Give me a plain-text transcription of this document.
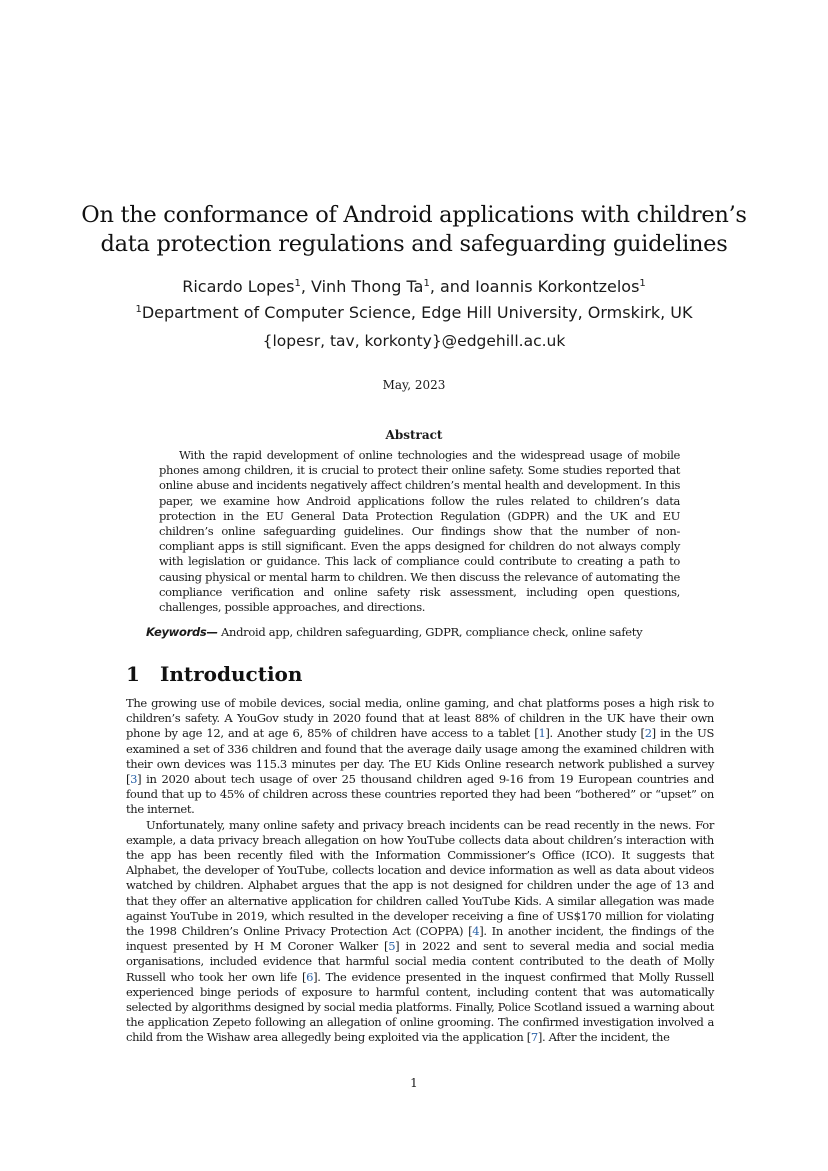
On the conformance of Android applications with children’s
data protection regulations and safeguarding guidelines
Ricardo Lopes$^1$, Vinh Thong Ta$^1$, and Ioannis Korkontzelos$^1$
$^1$Department of Computer Science, Edge Hill University, Ormskirk, UK
{lopesr, tav, korkonty}@edgehill.ac.uk
May, 2023
Abstract

With the rapid development of online technologies and the widespread usage of mobile phones among children, it is crucial to protect their online safety. Some studies reported that online abuse and incidents negatively affect children’s mental health and development. In this paper, we examine how Android applications follow the rules related to children’s data protection in the EU General Data Protection Regulation (GDPR) and the UK and EU children’s online safeguarding guidelines. Our findings show that the number of non-compliant apps is still significant. Even the apps designed for children do not always comply with legislation or guidance. This lack of compliance could contribute to creating a path to causing physical or mental harm to children. We then discuss the relevance of automating the compliance verification and online safety risk assessment, including open questions, challenges, possible approaches, and directions.

Keywords— Android app, children safeguarding, GDPR, compliance check, online safety
1 Introduction

The growing use of mobile devices, social media, online gaming, and chat platforms poses a high risk to children’s safety. A YouGov study in 2020 found that at least 88% of children in the UK have their own phone by age 12, and at age 6, 85% of children have access to a tablet [1]. Another study [2] in the US examined a set of 336 children and found that the average daily usage among the examined children with their own devices was 115.3 minutes per day. The EU Kids Online research network published a survey [3] in 2020 about tech usage of over 25 thousand children aged 9-16 from 19 European countries and found that up to 45% of children across these countries reported they had been “bothered” or “upset” on the internet.

Unfortunately, many online safety and privacy breach incidents can be read recently in the news. For example, a data privacy breach allegation on how YouTube collects data about children’s interaction with the app has been recently filed with the Information Commissioner’s Office (ICO). It suggests that Alphabet, the developer of YouTube, collects location and device information as well as data about videos watched by children. Alphabet argues that the app is not designed for children under the age of 13 and that they offer an alternative application for children called YouTube Kids. A similar allegation was made against YouTube in 2019, which resulted in the developer receiving a fine of US$170 million for violating the 1998 Children’s Online Privacy Protection Act (COPPA) [4]. In another incident, the findings of the inquest presented by H M Coroner Walker [5] in 2022 and sent to several media and social media organisations, included evidence that harmful social media content contributed to the death of Molly Russell who took her own life [6]. The evidence presented in the inquest confirmed that Molly Russell experienced binge periods of exposure to harmful content, including content that was automatically selected by algorithms designed by social media platforms. Finally, Police Scotland issued a warning about the application Zepeto following an allegation of online grooming. The confirmed investigation involved a child from the Wishaw area allegedly being exploited via the application [7]. After the incident, the

1
